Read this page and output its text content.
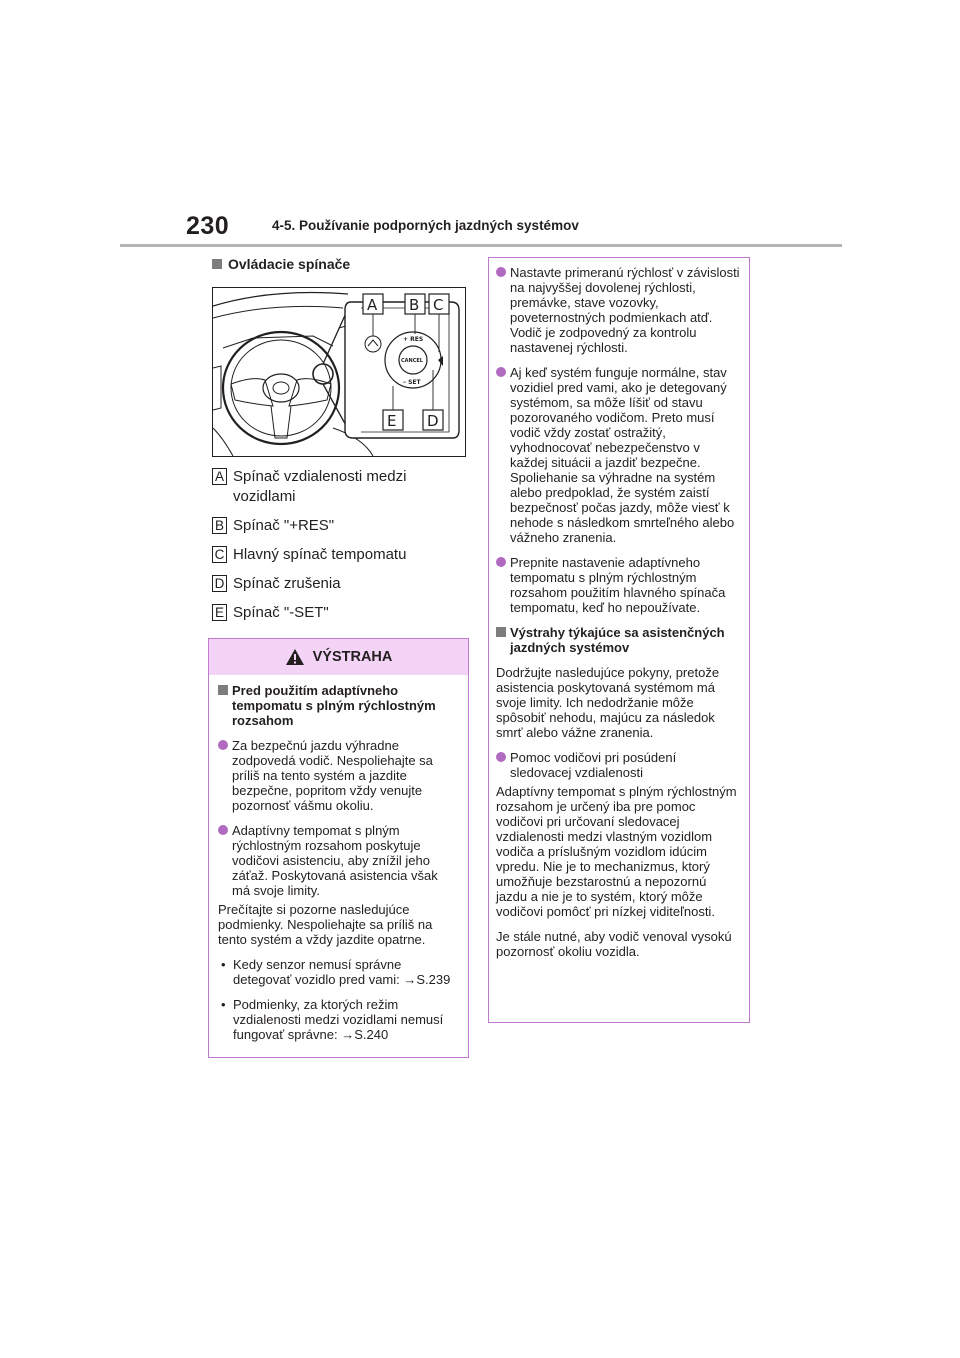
230	4-5. Používanie podporných jazdných systémov
Ovládacie spínače
+ RES
CANCEL
– SET
A B C
E D
A Spínač vzdialenosti medzi vozidlami
B Spínač "+RES"
C Hlavný spínač tempomatu
D Spínač zrušenia
E Spínač "-SET"
VÝSTRAHA
Pred použitím adaptívneho tempomatu s plným rýchlostným rozsahom
Za bezpečnú jazdu výhradne zodpovedá vodič. Nespoliehajte sa príliš na tento systém a jazdite bezpečne, popritom vždy venujte pozornosť vášmu okoliu.
Adaptívny tempomat s plným rýchlostným rozsahom poskytuje vodičovi asistenciu, aby znížil jeho záťaž. Poskytovaná asistencia však má svoje limity.
Prečítajte si pozorne nasledujúce podmienky. Nespoliehajte sa príliš na tento systém a vždy jazdite opatrne.
• Kedy senzor nemusí správne detegovať vozidlo pred vami: →S.239
• Podmienky, za ktorých režim vzdialenosti medzi vozidlami nemusí fungovať správne: →S.240
Nastavte primeranú rýchlosť v závislosti na najvyššej dovolenej rýchlosti, premávke, stave vozovky, poveternostných podmienkach atď. Vodič je zodpovedný za kontrolu nastavenej rýchlosti.
Aj keď systém funguje normálne, stav vozidiel pred vami, ako je detegovaný systémom, sa môže líšiť od stavu pozorovaného vodičom. Preto musí vodič vždy zostať ostražitý, vyhodnocovať nebezpečenstvo v každej situácii a jazdiť bezpečne. Spoliehanie sa výhradne na systém alebo predpoklad, že systém zaistí bezpečnosť počas jazdy, môže viesť k nehode s následkom smrteľného alebo vážneho zranenia.
Prepnite nastavenie adaptívneho tempomatu s plným rýchlostným rozsahom použitím hlavného spínača tempomatu, keď ho nepoužívate.
Výstrahy týkajúce sa asistenčných jazdných systémov
Dodržujte nasledujúce pokyny, pretože asistencia poskytovaná systémom má svoje limity. Ich nedodržanie môže spôsobiť nehodu, majúcu za následok smrť alebo vážne zranenia.
Pomoc vodičovi pri posúdení sledovacej vzdialenosti
Adaptívny tempomat s plným rýchlostným rozsahom je určený iba pre pomoc vodičovi pri určovaní sledovacej vzdialenosti medzi vlastným vozidlom vodiča a príslušným vozidlom idúcim vpredu. Nie je to mechanizmus, ktorý umožňuje bezstarostnú a nepozornú jazdu a nie je to systém, ktorý môže vodičovi pomôcť pri nízkej viditeľnosti.
Je stále nutné, aby vodič venoval vysokú pozornosť okoliu vozidla.
